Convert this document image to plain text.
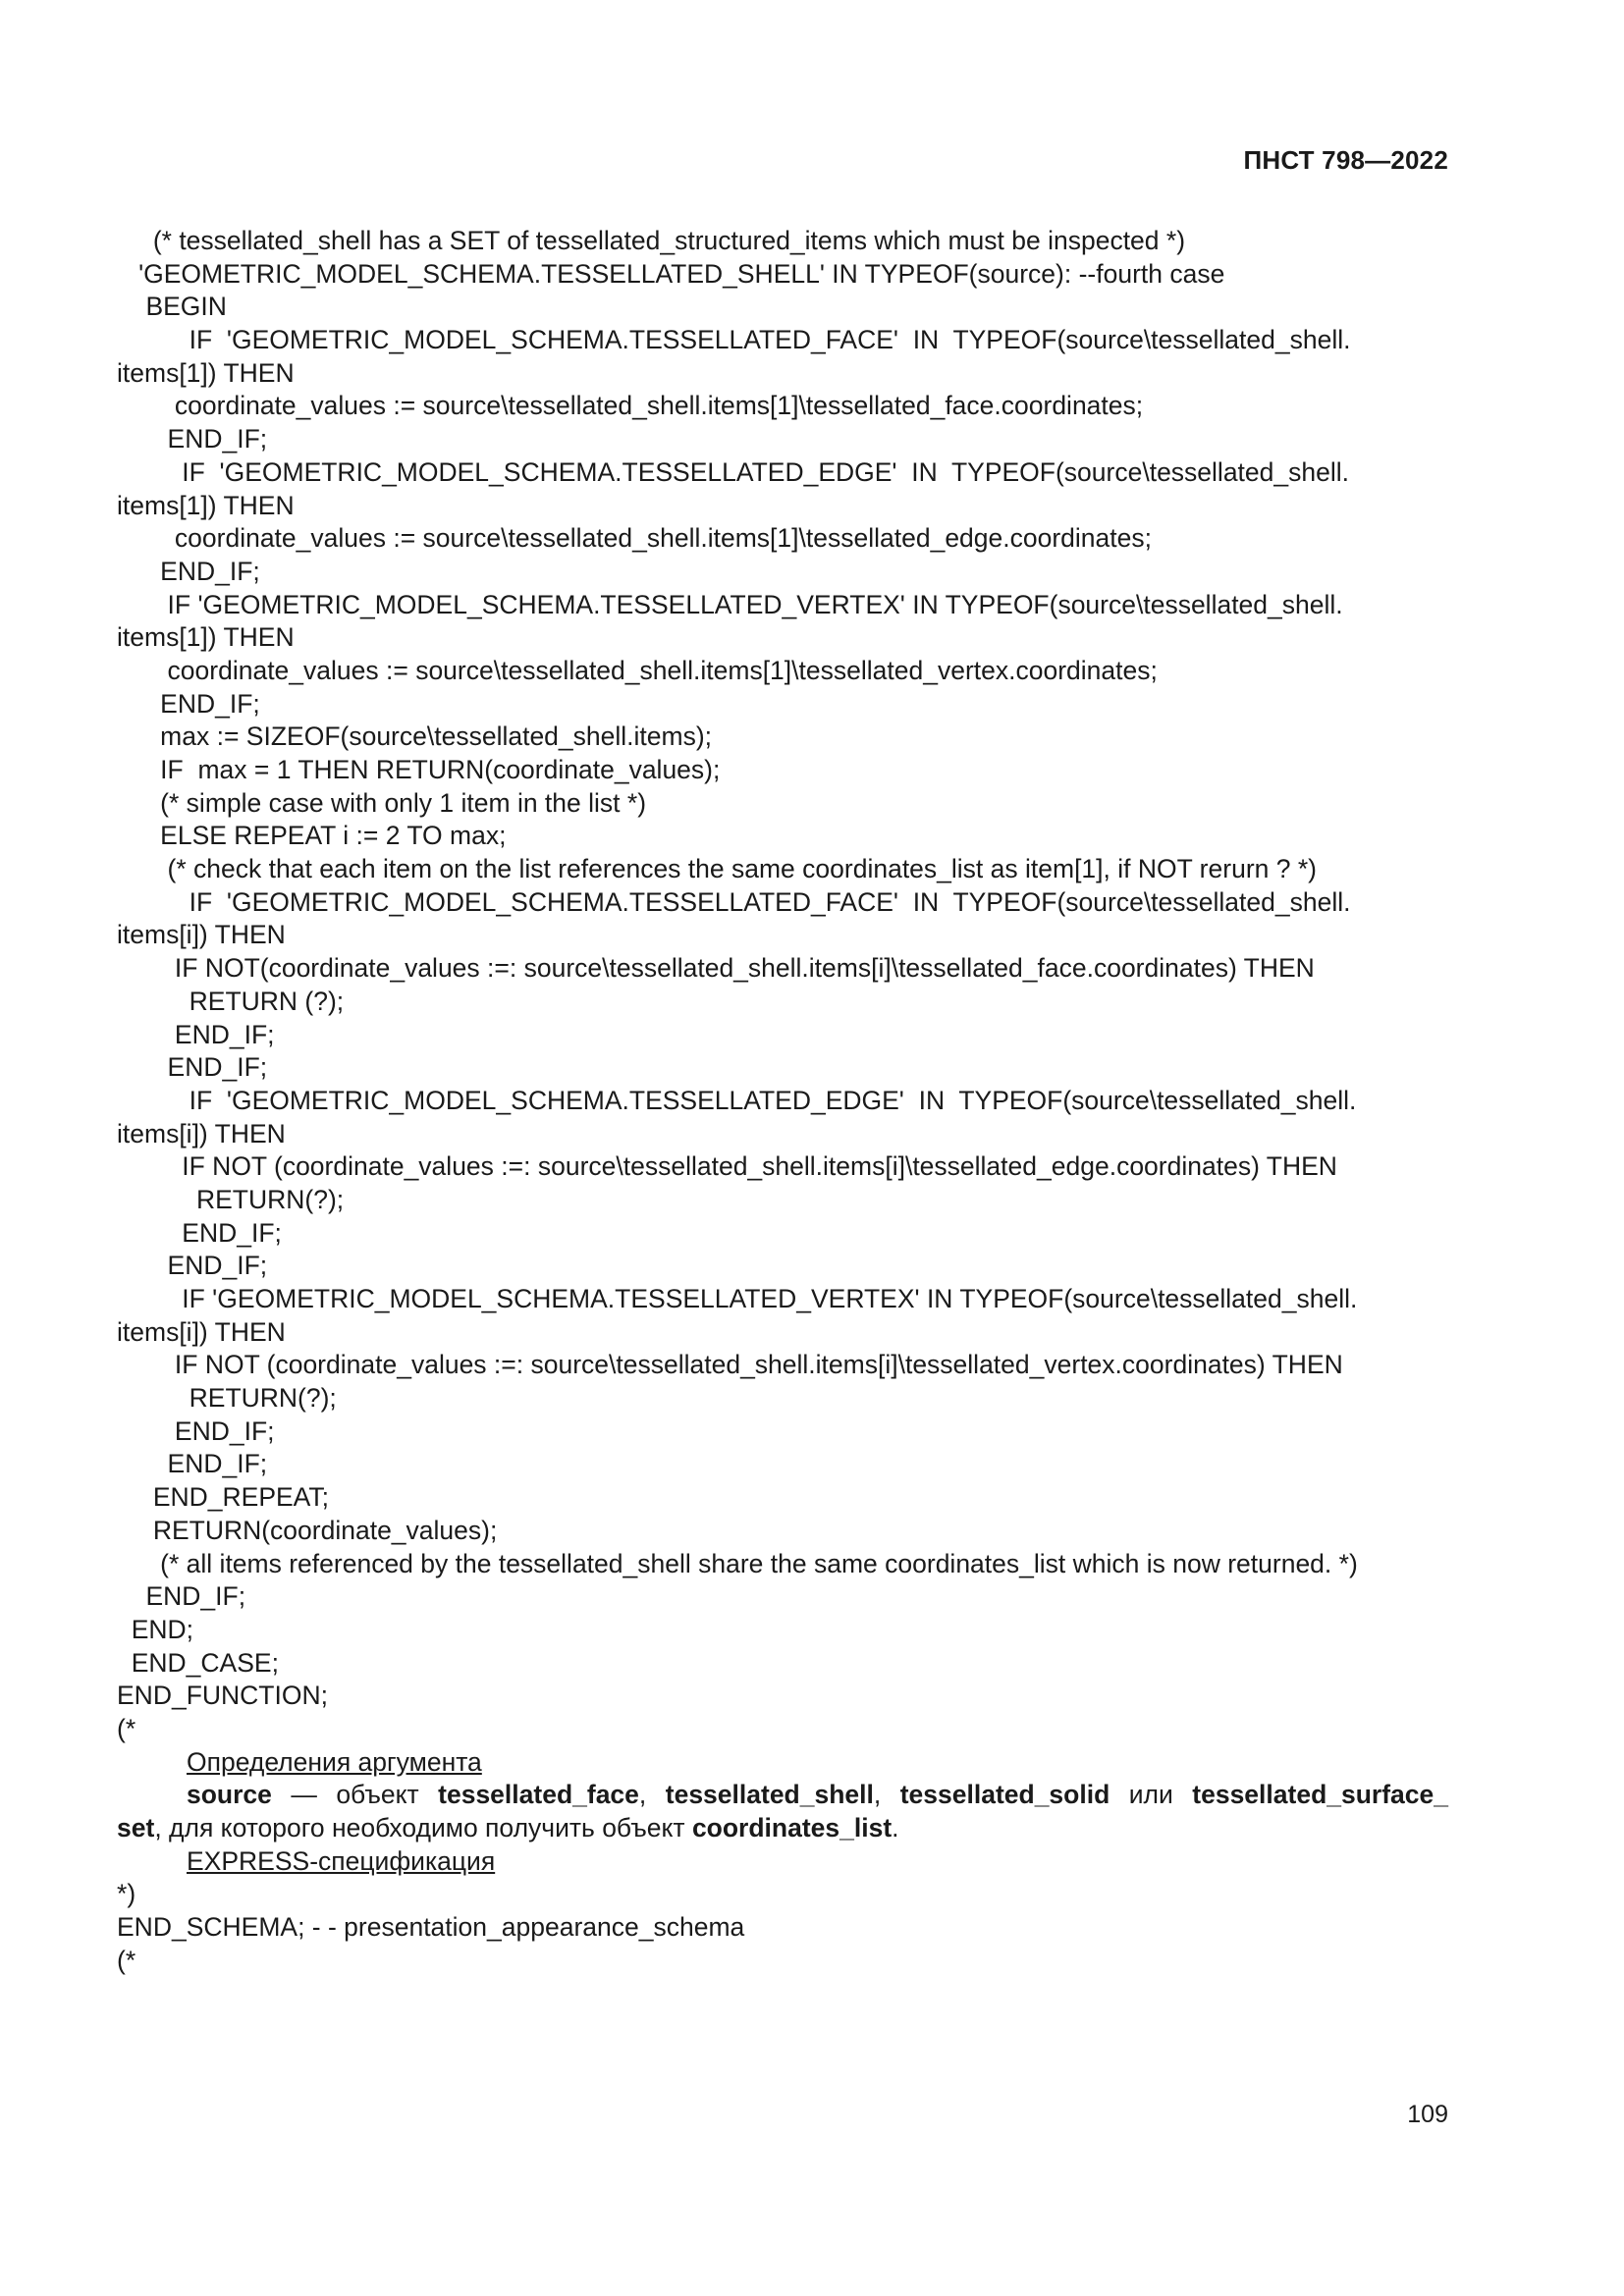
ПНСТ 798—2022
(* tessellated_shell has a SET of tessellated_structured_items which must be inspected *)
'GEOMETRIC_MODEL_SCHEMA.TESSELLATED_SHELL' IN TYPEOF(source): --fourth case
BEGIN
IF  'GEOMETRIC_MODEL_SCHEMA.TESSELLATED_FACE'  IN  TYPEOF(source\tessellated_shell.
items[1]) THEN
coordinate_values := source\tessellated_shell.items[1]\tessellated_face.coordinates;
END_IF;
IF  'GEOMETRIC_MODEL_SCHEMA.TESSELLATED_EDGE'  IN  TYPEOF(source\tessellated_shell.
items[1]) THEN
coordinate_values := source\tessellated_shell.items[1]\tessellated_edge.coordinates;
END_IF;
IF 'GEOMETRIC_MODEL_SCHEMA.TESSELLATED_VERTEX' IN TYPEOF(source\tessellated_shell.
items[1]) THEN
coordinate_values := source\tessellated_shell.items[1]\tessellated_vertex.coordinates;
END_IF;
max := SIZEOF(source\tessellated_shell.items);
IF  max = 1 THEN RETURN(coordinate_values);
(* simple case with only 1 item in the list *)
ELSE REPEAT i := 2 TO max;
(* check that each item on the list references the same coordinates_list as item[1], if NOT rerurn ? *)
IF  'GEOMETRIC_MODEL_SCHEMA.TESSELLATED_FACE'  IN  TYPEOF(source\tessellated_shell.
items[i]) THEN
IF NOT(coordinate_values :=: source\tessellated_shell.items[i]\tessellated_face.coordinates) THEN
RETURN (?);
END_IF;
END_IF;
IF  'GEOMETRIC_MODEL_SCHEMA.TESSELLATED_EDGE'  IN  TYPEOF(source\tessellated_shell.
items[i]) THEN
IF NOT (coordinate_values :=: source\tessellated_shell.items[i]\tessellated_edge.coordinates) THEN
RETURN(?);
END_IF;
END_IF;
IF 'GEOMETRIC_MODEL_SCHEMA.TESSELLATED_VERTEX' IN TYPEOF(source\tessellated_shell.
items[i]) THEN
IF NOT (coordinate_values :=: source\tessellated_shell.items[i]\tessellated_vertex.coordinates) THEN
RETURN(?);
END_IF;
END_IF;
END_REPEAT;
RETURN(coordinate_values);
(* all items referenced by the tessellated_shell share the same coordinates_list which is now returned. *)
END_IF;
END;
END_CASE;
END_FUNCTION;
(*
Определения аргумента
source — объект tessellated_face, tessellated_shell, tessellated_solid или tessellated_surface_
set, для которого необходимо получить объект coordinates_list.
EXPRESS-спецификация
*)
END_SCHEMA; - - presentation_appearance_schema
(*
109
